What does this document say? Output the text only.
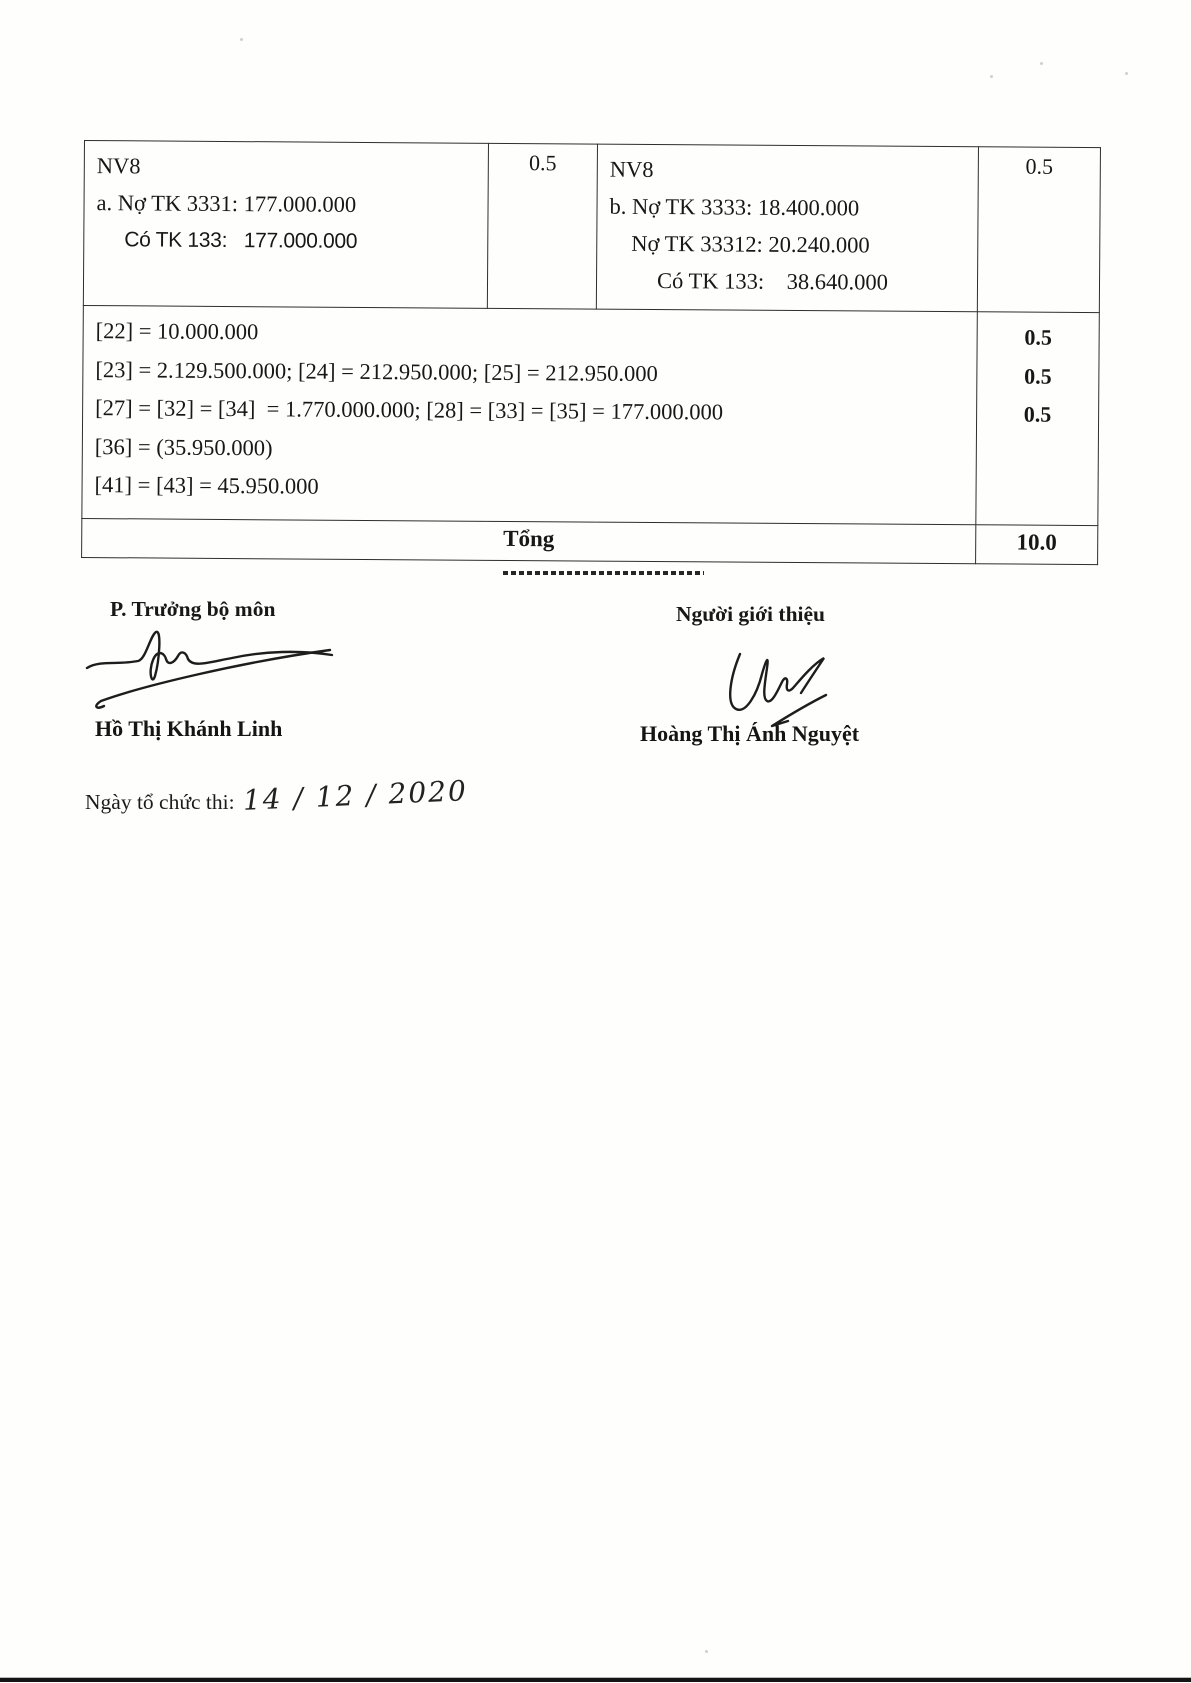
NV8
a. Nợ TK 3331: 177.000.000
Có TK 133:   177.000.000
	0.5	NV8
b. Nợ TK 3333: 18.400.000
Nợ TK 33312: 20.240.000
Có TK 133:    38.640.000
	0.5

[22] = 10.000.000
[23] = 2.129.500.000; [24] = 212.950.000; [25] = 212.950.000
[27] = [32] = [34]  = 1.770.000.000; [28] = [33] = [35] = 177.000.000
[36] = (35.950.000)
[41] = [43] = 45.950.000

0.5
0.5
0.5

Tổng			10.0
P. Trưởng bộ môn	Người giới thiệu
Hồ Thị Khánh Linh	Hoàng Thị Ánh Nguyệt
Ngày tổ chức thi: 14 / 12 / 2020
